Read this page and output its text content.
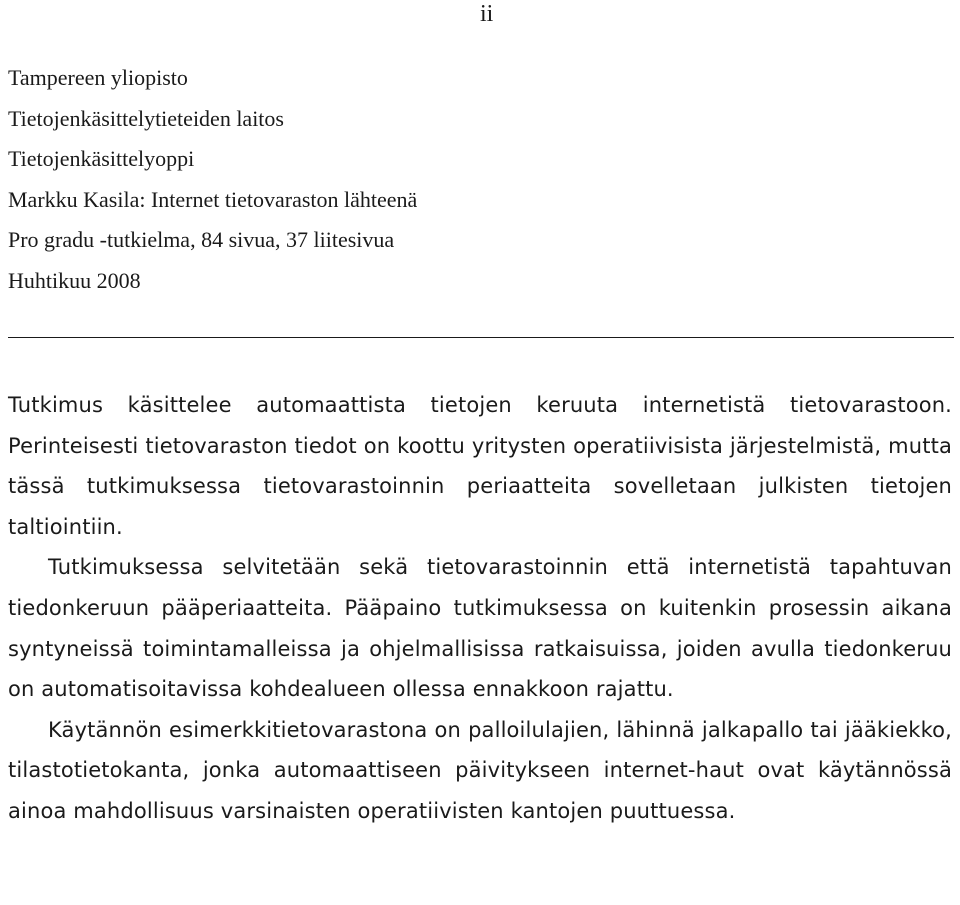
ii
Tampereen yliopisto
Tietojenkäsittelytieteiden laitos
Tietojenkäsittelyoppi
Markku Kasila: Internet tietovaraston lähteenä
Pro gradu -tutkielma, 84 sivua, 37 liitesivua
Huhtikuu 2008

Tutkimus käsittelee automaattista tietojen keruuta internetistä tietovarastoon. Perinteisesti tietovaraston tiedot on koottu yritysten operatiivisista järjestelmistä, mutta tässä tutkimuksessa tietovarastoinnin periaatteita sovelletaan julkisten tietojen taltiointiin.

Tutkimuksessa selvitetään sekä tietovarastoinnin että internetistä tapahtuvan tiedonkeruun pääperiaatteita. Pääpaino tutkimuksessa on kuitenkin prosessin aikana syntyneissä toimintamalleissa ja ohjelmallisissa ratkaisuissa, joiden avulla tiedonkeruu on automatisoitavissa kohdealueen ollessa ennakkoon rajattu.

Käytännön esimerkkitietovarastona on palloilulajien, lähinnä jalkapallo tai jääkiekko, tilastotietokanta, jonka automaattiseen päivitykseen internet-haut ovat käytännössä ainoa mahdollisuus varsinaisten operatiivisten kantojen puuttuessa.
